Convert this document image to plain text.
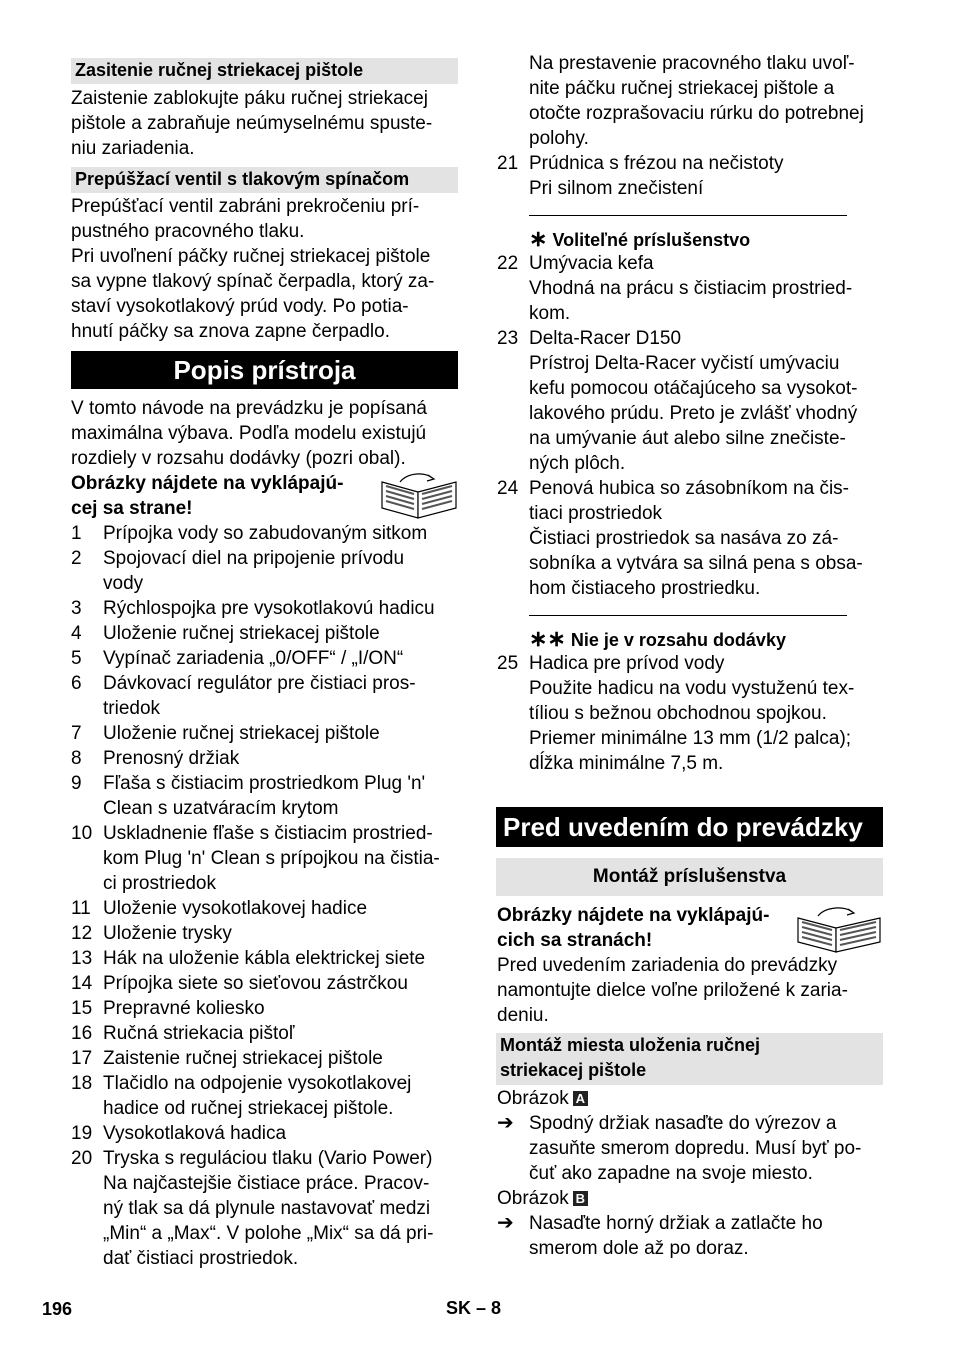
Zasitenie ručnej striekacej pištole
Zaistenie zablokujte páku ručnej striekacej
pištole a zabraňuje neúmyselnému spuste-
niu zariadenia.
Prepúšžací ventil s tlakovým spínačom
Prepúšťací ventil zabráni prekročeniu prí-
pustného pracovného tlaku.
Pri uvoľnení páčky ručnej striekacej pištole
sa vypne tlakový spínač čerpadla, ktorý za-
staví vysokotlakový prúd vody. Po potia-
hnutí páčky sa znova zapne čerpadlo.
Popis prístroja
V tomto návode na prevádzku je popísaná
maximálna výbava. Podľa modelu existujú
rozdiely v rozsahu dodávky (pozri obal).
Obrázky nájdete na vyklápajú-
cej sa strane!
1 Prípojka vody so zabudovaným sitkom
2 Spojovací diel na pripojenie prívodu
vody
3 Rýchlospojka pre vysokotlakovú hadicu
4 Uloženie ručnej striekacej pištole
5 Vypínač zariadenia „0/OFF“ / „I/ON“
6 Dávkovací regulátor pre čistiaci pros-
triedok
7 Uloženie ručnej striekacej pištole
8 Prenosný držiak
9 Fľaša s čistiacim prostriedkom Plug 'n'
Clean s uzatváracím krytom
10 Uskladnenie fľaše s čistiacim prostried-
kom Plug 'n' Clean s prípojkou na čistia-
ci prostriedok
11 Uloženie vysokotlakovej hadice
12 Uloženie trysky
13 Hák na uloženie kábla elektrickej siete
14 Prípojka siete so sieťovou zástrčkou
15 Prepravné koliesko
16 Ručná striekacia pištoľ
17 Zaistenie ručnej striekacej pištole
18 Tlačidlo na odpojenie vysokotlakovej
hadice od ručnej striekacej pištole.
19 Vysokotlaková hadica
20 Tryska s reguláciou tlaku (Vario Power)
Na najčastejšie čistiace práce. Pracov-
ný tlak sa dá plynule nastavovať medzi
„Min“ a „Max“. V polohe „Mix“ sa dá pri-
dať čistiaci prostriedok.
Na prestavenie pracovného tlaku uvoľ-
nite páčku ručnej striekacej pištole a
otočte rozprašovaciu rúrku do potrebnej
polohy.
21 Prúdnica s frézou na nečistoty
Pri silnom znečistení
∗ Voliteľné príslušenstvo
22 Umývacia kefa
Vhodná na prácu s čistiacim prostried-
kom.
23 Delta-Racer D150
Prístroj Delta-Racer vyčistí umývaciu
kefu pomocou otáčajúceho sa vysokot-
lakového prúdu. Preto je zvlášť vhodný
na umývanie áut alebo silne znečiste-
ných plôch.
24 Penová hubica so zásobníkom na čis-
tiaci prostriedok
Čistiaci prostriedok sa nasáva zo zá-
sobníka a vytvára sa silná pena s obsa-
hom čistiaceho prostriedku.
∗∗ Nie je v rozsahu dodávky
25 Hadica pre prívod vody
Použite hadicu na vodu vystuženú tex-
tíliou s bežnou obchodnou spojkou.
Priemer minimálne 13 mm (1/2 palca);
dĺžka minimálne 7,5 m.
Pred uvedením do prevádzky
Montáž príslušenstva
Obrázky nájdete na vyklápajú-
cich sa stranách!
Pred uvedením zariadenia do prevádzky
namontujte dielce voľne priložené k zaria-
deniu.
Montáž miesta uloženia ručnej
striekacej pištole
Obrázok A
➔ Spodný držiak nasaďte do výrezov a
zasuňte smerom dopredu. Musí byť po-
čuť ako zapadne na svoje miesto.
Obrázok B
➔ Nasaďte horný držiak a zatlačte ho
smerom dole až po doraz.
196	SK – 8
